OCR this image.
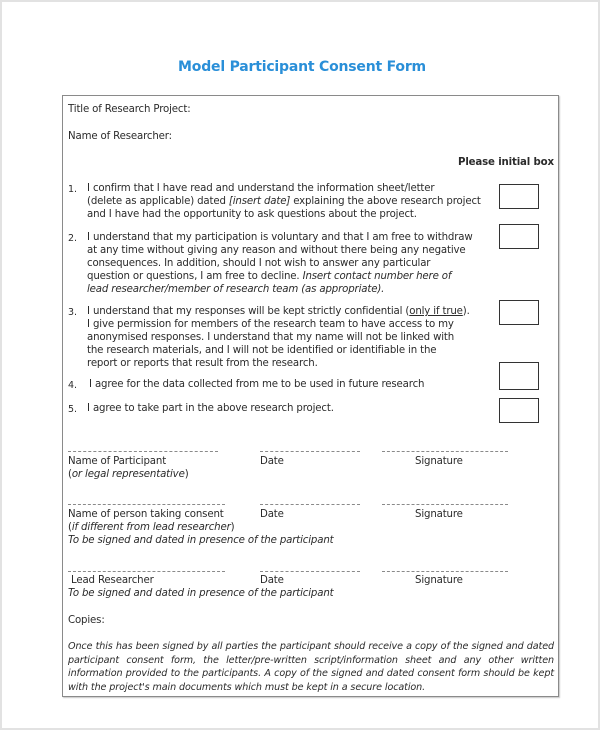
Model Participant Consent Form
Title of Research Project:
Name of Researcher:
Please initial box
1. I confirm that I have read and understand the information sheet/letter
(delete as applicable) dated [insert date] explaining the above research project
and I have had the opportunity to ask questions about the project.
2. I understand that my participation is voluntary and that I am free to withdraw
at any time without giving any reason and without there being any negative
consequences. In addition, should I not wish to answer any particular
question or questions, I am free to decline. Insert contact number here of
lead researcher/member of research team (as appropriate).
3. I understand that my responses will be kept strictly confidential (only if true).
I give permission for members of the research team to have access to my
anonymised responses. I understand that my name will not be linked with
the research materials, and I will not be identified or identifiable in the
report or reports that result from the research.
4. I agree for the data collected from me to be used in future research
5. I agree to take part in the above research project.
Name of Participant	Date	Signature
(or legal representative)
Name of person taking consent	Date	Signature
(if different from lead researcher)
To be signed and dated in presence of the participant
Lead Researcher	Date	Signature
To be signed and dated in presence of the participant
Copies:
Once this has been signed by all parties the participant should receive a copy of the signed and dated
participant consent form, the letter/pre-written script/information sheet and any other written
information provided to the participants. A copy of the signed and dated consent form should be kept
with the project's main documents which must be kept in a secure location.
